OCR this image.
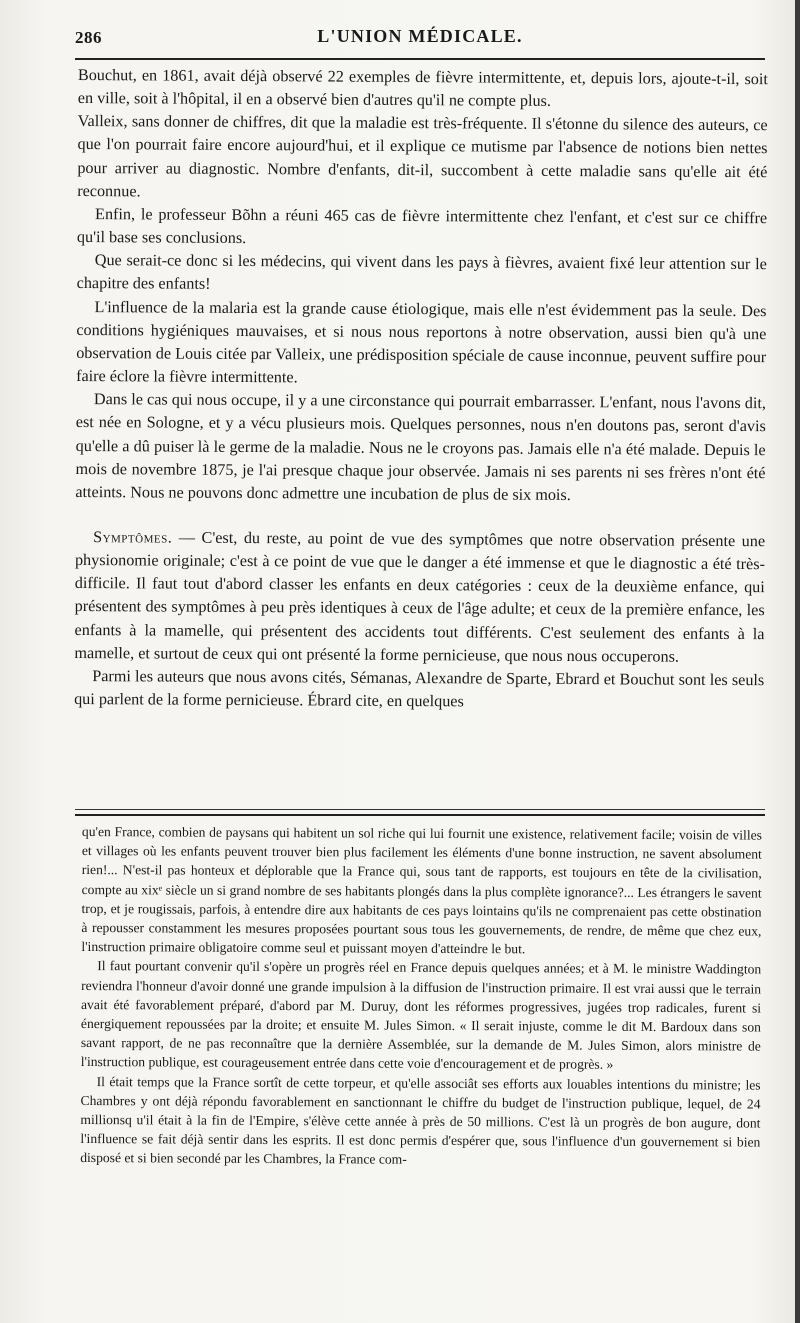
286	L'UNION MÉDICALE.

Bouchut, en 1861, avait déjà observé 22 exemples de fièvre intermittente, et, depuis lors, ajoute-t-il, soit en ville, soit à l'hôpital, il en a observé bien d'autres qu'il ne compte plus.

Valleix, sans donner de chiffres, dit que la maladie est très-fréquente. Il s'étonne du silence des auteurs, ce que l'on pourrait faire encore aujourd'hui, et il explique ce mutisme par l'absence de notions bien nettes pour arriver au diagnostic. Nombre d'enfants, dit-il, succombent à cette maladie sans qu'elle ait été reconnue.

Enfin, le professeur Bõhn a réuni 465 cas de fièvre intermittente chez l'enfant, et c'est sur ce chiffre qu'il base ses conclusions.

Que serait-ce donc si les médecins, qui vivent dans les pays à fièvres, avaient fixé leur attention sur le chapitre des enfants!

L'influence de la malaria est la grande cause étiologique, mais elle n'est évidemment pas la seule. Des conditions hygiéniques mauvaises, et si nous nous reportons à notre observation, aussi bien qu'à une observation de Louis citée par Valleix, une prédisposition spéciale de cause inconnue, peuvent suffire pour faire éclore la fièvre intermittente.

Dans le cas qui nous occupe, il y a une circonstance qui pourrait embarrasser. L'enfant, nous l'avons dit, est née en Sologne, et y a vécu plusieurs mois. Quelques personnes, nous n'en doutons pas, seront d'avis qu'elle a dû puiser là le germe de la maladie. Nous ne le croyons pas. Jamais elle n'a été malade. Depuis le mois de novembre 1875, je l'ai presque chaque jour observée. Jamais ni ses parents ni ses frères n'ont été atteints. Nous ne pouvons donc admettre une incubation de plus de six mois.

Symptômes. — C'est, du reste, au point de vue des symptômes que notre observation présente une physionomie originale; c'est à ce point de vue que le danger a été immense et que le diagnostic a été très-difficile. Il faut tout d'abord classer les enfants en deux catégories : ceux de la deuxième enfance, qui présentent des symptômes à peu près identiques à ceux de l'âge adulte; et ceux de la première enfance, les enfants à la mamelle, qui présentent des accidents tout différents. C'est seulement des enfants à la mamelle, et surtout de ceux qui ont présenté la forme pernicieuse, que nous nous occuperons.

Parmi les auteurs que nous avons cités, Sémanas, Alexandre de Sparte, Ebrard et Bouchut sont les seuls qui parlent de la forme pernicieuse. Ébrard cite, en quelques

qu'en France, combien de paysans qui habitent un sol riche qui lui fournit une existence, relativement facile; voisin de villes et villages où les enfants peuvent trouver bien plus facilement les éléments d'une bonne instruction, ne savent absolument rien!... N'est-il pas honteux et déplorable que la France qui, sous tant de rapports, est toujours en tête de la civilisation, compte au xixᵉ siècle un si grand nombre de ses habitants plongés dans la plus complète ignorance?... Les étrangers le savent trop, et je rougissais, parfois, à entendre dire aux habitants de ces pays lointains qu'ils ne comprenaient pas cette obstination à repousser constamment les mesures proposées pourtant sous tous les gouvernements, de rendre, de même que chez eux, l'instruction primaire obligatoire comme seul et puissant moyen d'atteindre le but.

Il faut pourtant convenir qu'il s'opère un progrès réel en France depuis quelques années; et à M. le ministre Waddington reviendra l'honneur d'avoir donné une grande impulsion à la diffusion de l'instruction primaire. Il est vrai aussi que le terrain avait été favorablement préparé, d'abord par M. Duruy, dont les réformes progressives, jugées trop radicales, furent si énergiquement repoussées par la droite; et ensuite M. Jules Simon. « Il serait injuste, comme le dit M. Bardoux dans son savant rapport, de ne pas reconnaître que la dernière Assemblée, sur la demande de M. Jules Simon, alors ministre de l'instruction publique, est courageusement entrée dans cette voie d'encouragement et de progrès. »

Il était temps que la France sortît de cette torpeur, et qu'elle associât ses efforts aux louables intentions du ministre; les Chambres y ont déjà répondu favorablement en sanctionnant le chiffre du budget de l'instruction publique, lequel, de 24 millionsq u'il était à la fin de l'Empire, s'élève cette année à près de 50 millions. C'est là un progrès de bon augure, dont l'influence se fait déjà sentir dans les esprits. Il est donc permis d'espérer que, sous l'influence d'un gouvernement si bien disposé et si bien secondé par les Chambres, la France com-
